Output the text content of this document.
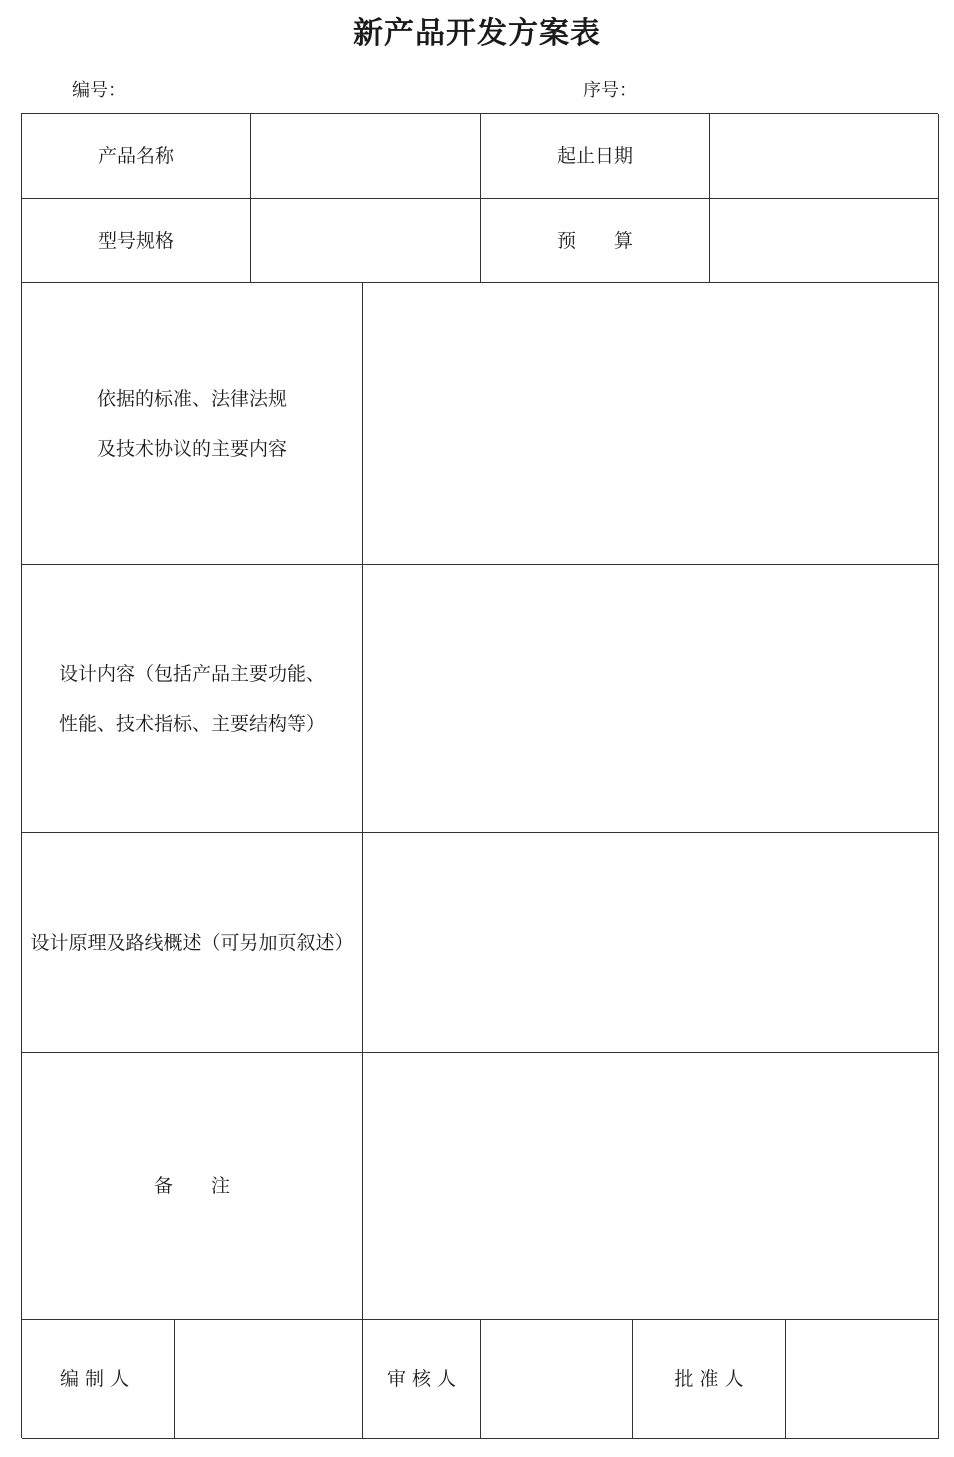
新产品开发方案表
编号：	序号：
产品名称	起止日期
型号规格	预　　算
依据的标准、法律法规
及技术协议的主要内容
设计内容（包括产品主要功能、
性能、技术指标、主要结构等）
设计原理及路线概述（可另加页叙述）
备　　注
编 制 人	审 核 人	批 准 人
